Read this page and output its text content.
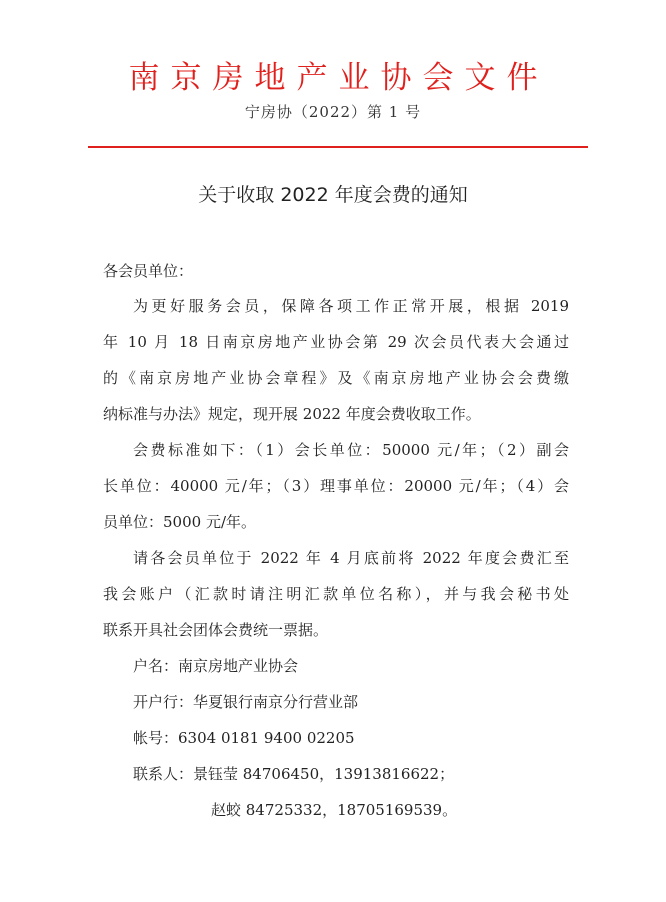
南京房地产业协会文件
宁房协（2022）第 1 号
关于收取 2022 年度会费的通知
各会员单位：
为更好服务会员，保障各项工作正常开展，根据 2019
年 10 月 18 日南京房地产业协会第 29 次会员代表大会通过
的《南京房地产业协会章程》及《南京房地产业协会会费缴
纳标准与办法》规定，现开展 2022 年度会费收取工作。
会费标准如下：（1）会长单位：50000 元/年；（2）副会
长单位：40000 元/年；（3）理事单位：20000 元/年；（4）会
员单位：5000 元/年。
请各会员单位于 2022 年 4 月底前将 2022 年度会费汇至
我会账户（汇款时请注明汇款单位名称），并与我会秘书处
联系开具社会团体会费统一票据。
户名：南京房地产业协会
开户行：华夏银行南京分行营业部
帐号：6304 0181 9400 02205
联系人：景钰莹 84706450，13913816622；
赵蛟 84725332，18705169539。
